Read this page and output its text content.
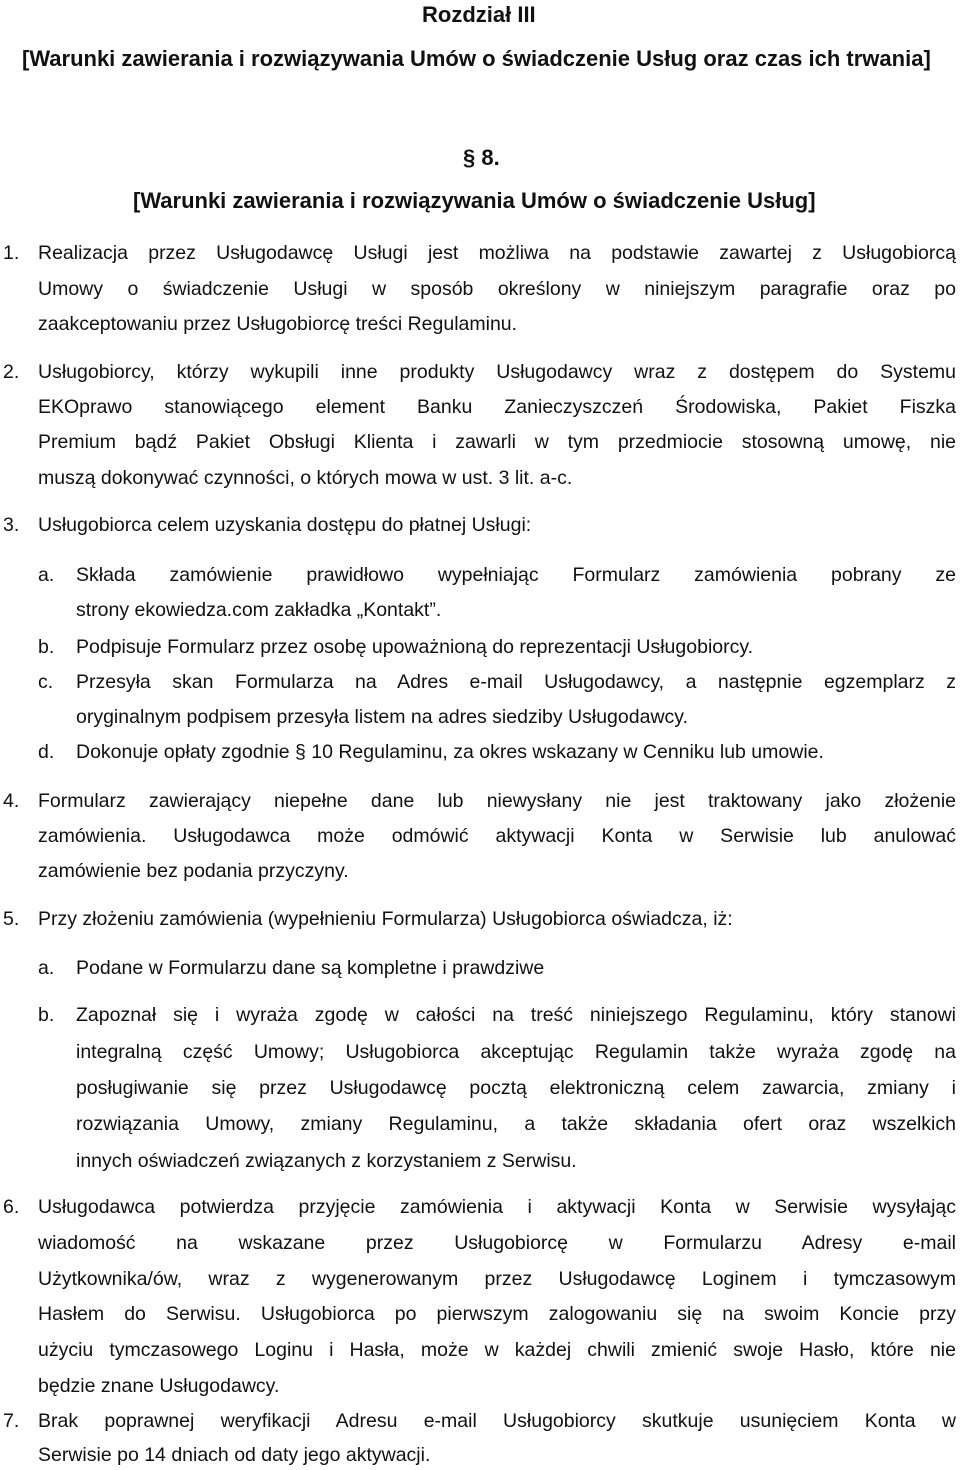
Rozdział III
[Warunki zawierania i rozwiązywania Umów o świadczenie Usług oraz czas ich trwania]
§ 8.
[Warunki zawierania i rozwiązywania Umów o świadczenie Usług]
1. Realizacja przez Usługodawcę Usługi jest możliwa na podstawie zawartej z Usługobiorcą
Umowy o świadczenie Usługi w sposób określony w niniejszym paragrafie oraz po
zaakceptowaniu przez Usługobiorcę treści Regulaminu.
2. Usługobiorcy, którzy wykupili inne produkty Usługodawcy wraz z dostępem do Systemu
EKOprawo stanowiącego element Banku Zanieczyszczeń Środowiska, Pakiet Fiszka
Premium bądź Pakiet Obsługi Klienta i zawarli w tym przedmiocie stosowną umowę, nie
muszą dokonywać czynności, o których mowa w ust. 3 lit. a-c.
3. Usługobiorca celem uzyskania dostępu do płatnej Usługi:
a. Składa zamówienie prawidłowo wypełniając Formularz zamówienia pobrany ze
strony ekowiedza.com zakładka „Kontakt”.
b. Podpisuje Formularz przez osobę upoważnioną do reprezentacji Usługobiorcy.
c. Przesyła skan Formularza na Adres e-mail Usługodawcy, a następnie egzemplarz z
oryginalnym podpisem przesyła listem na adres siedziby Usługodawcy.
d. Dokonuje opłaty zgodnie § 10 Regulaminu, za okres wskazany w Cenniku lub umowie.
4. Formularz zawierający niepełne dane lub niewysłany nie jest traktowany jako złożenie
zamówienia. Usługodawca może odmówić aktywacji Konta w Serwisie lub anulować
zamówienie bez podania przyczyny.
5. Przy złożeniu zamówienia (wypełnieniu Formularza) Usługobiorca oświadcza, iż:
a. Podane w Formularzu dane są kompletne i prawdziwe
b. Zapoznał się i wyraża zgodę w całości na treść niniejszego Regulaminu, który stanowi
integralną część Umowy; Usługobiorca akceptując Regulamin także wyraża zgodę na
posługiwanie się przez Usługodawcę pocztą elektroniczną celem zawarcia, zmiany i
rozwiązania Umowy, zmiany Regulaminu, a także składania ofert oraz wszelkich
innych oświadczeń związanych z korzystaniem z Serwisu.
6. Usługodawca potwierdza przyjęcie zamówienia i aktywacji Konta w Serwisie wysyłając
wiadomość na wskazane przez Usługobiorcę w Formularzu Adresy e-mail
Użytkownika/ów, wraz z wygenerowanym przez Usługodawcę Loginem i tymczasowym
Hasłem do Serwisu. Usługobiorca po pierwszym zalogowaniu się na swoim Koncie przy
użyciu tymczasowego Loginu i Hasła, może w każdej chwili zmienić swoje Hasło, które nie
będzie znane Usługodawcy.
7. Brak poprawnej weryfikacji Adresu e-mail Usługobiorcy skutkuje usunięciem Konta w
Serwisie po 14 dniach od daty jego aktywacji.
